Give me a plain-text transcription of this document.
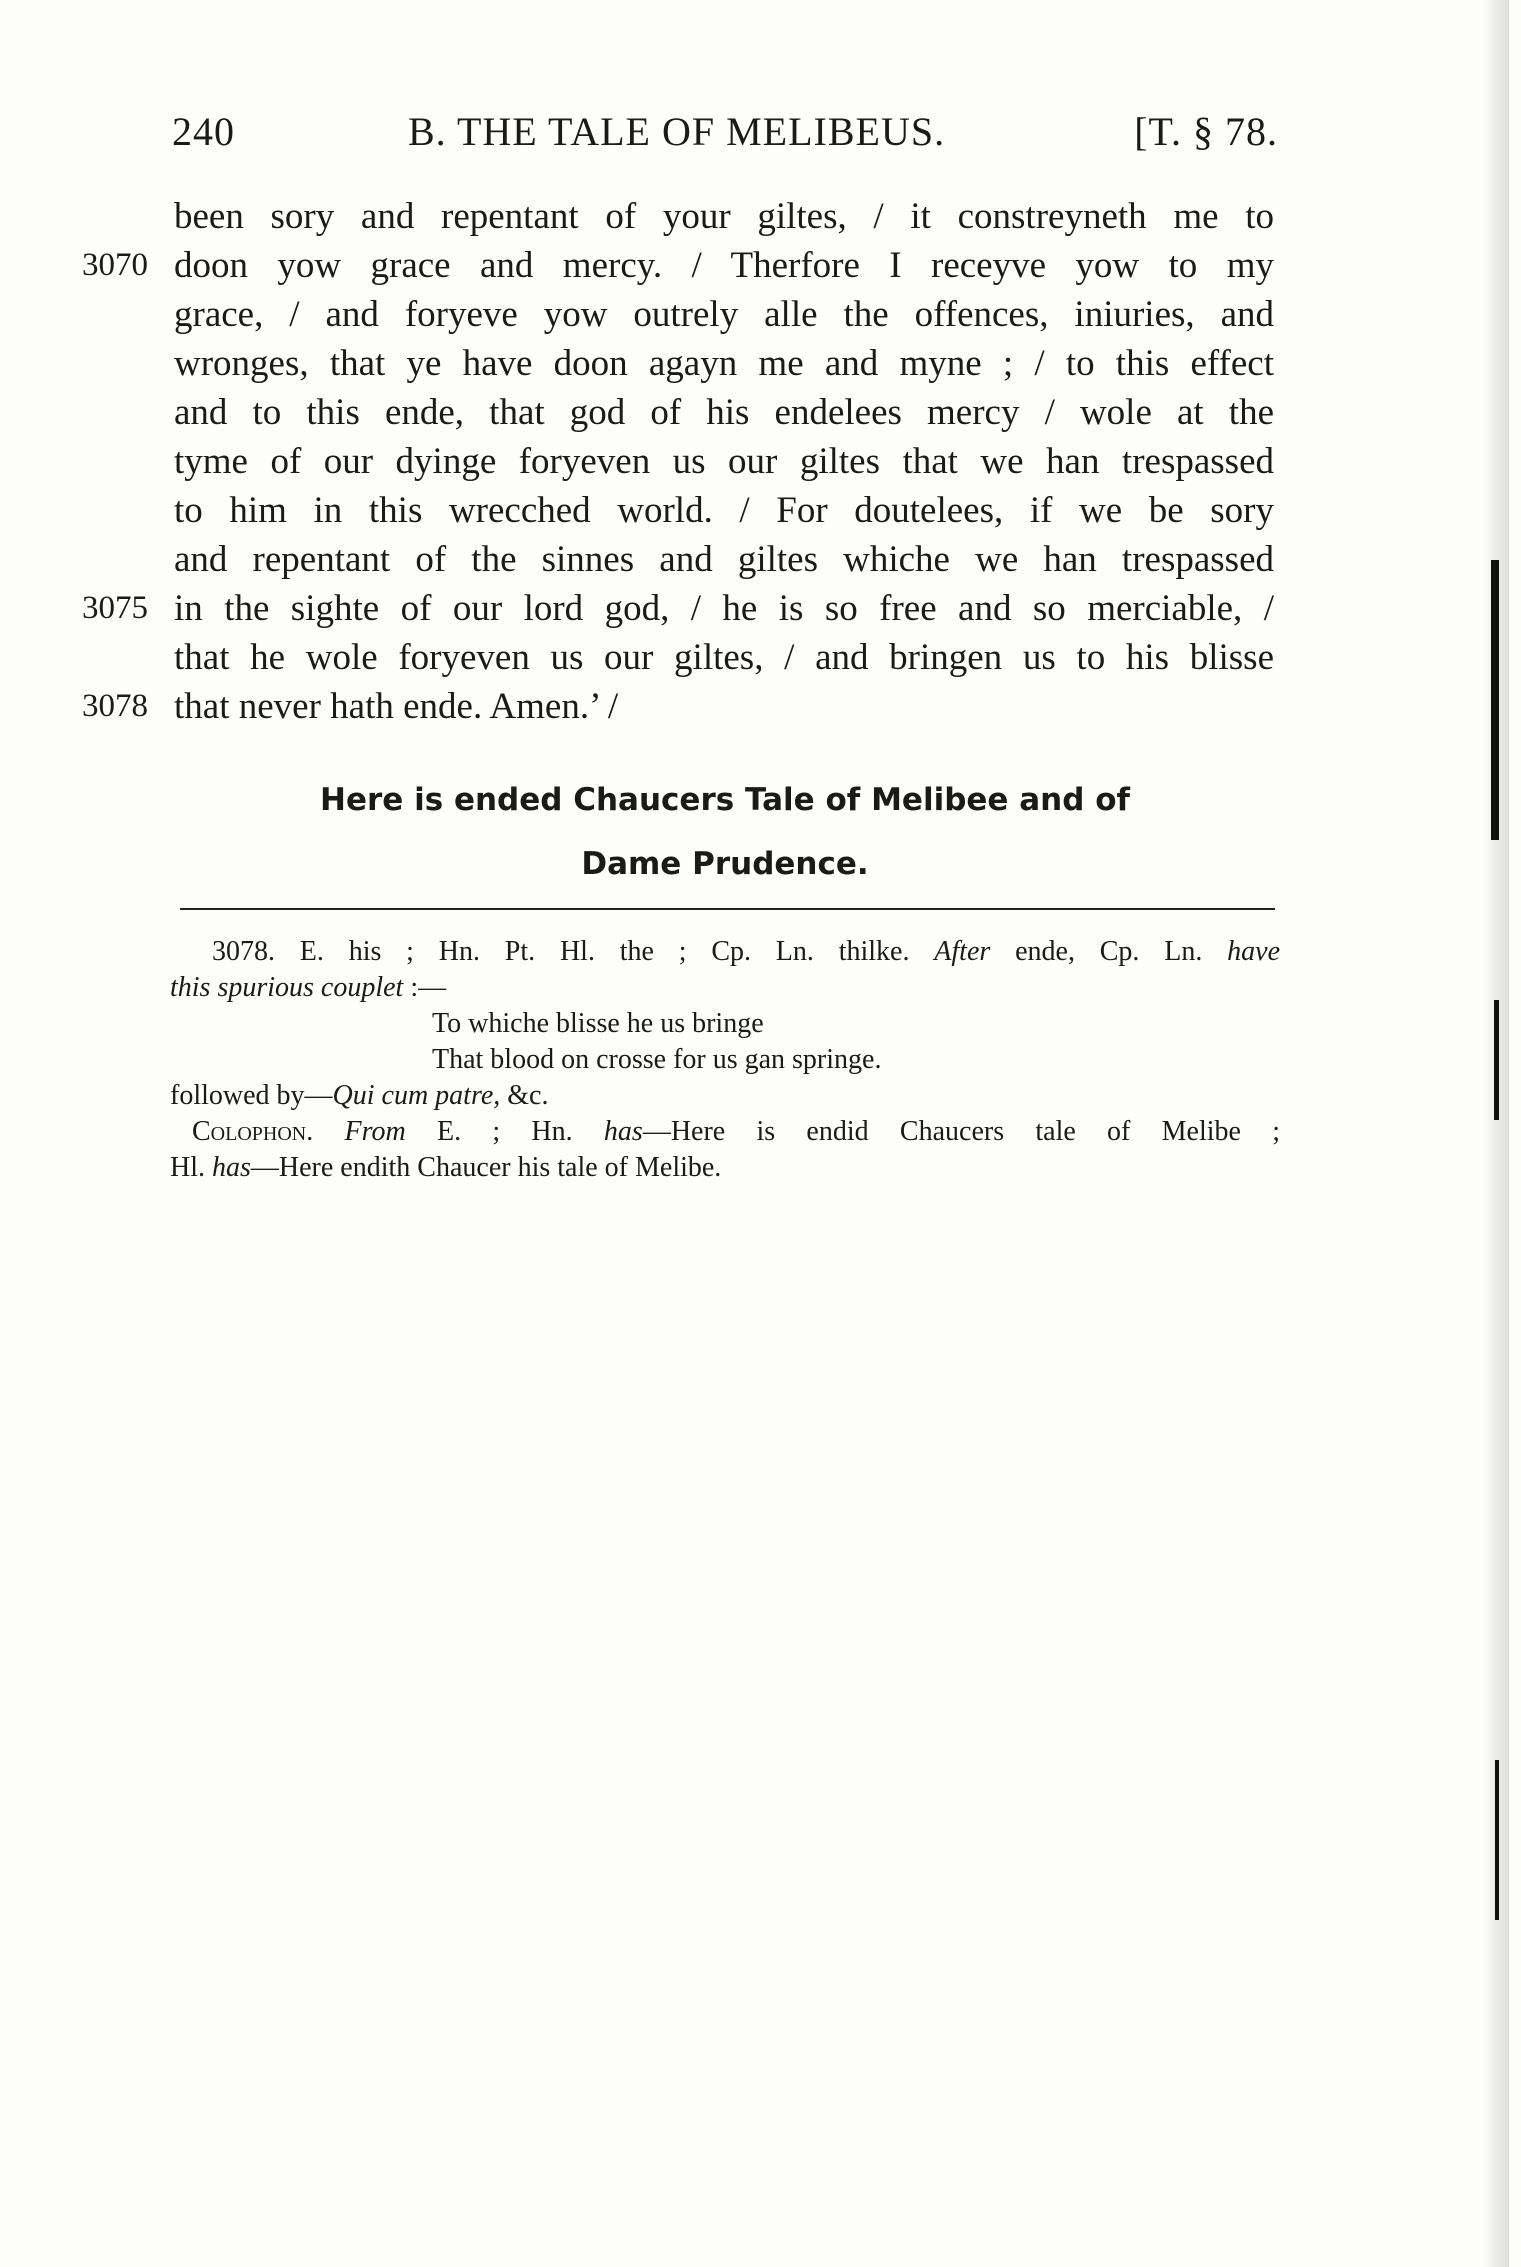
240	B. THE TALE OF MELIBEUS.	[T. § 78.
been sory and repentant of your giltes, / it constreyneth me to
3070 doon yow grace and mercy. / Therfore I receyve yow to my
grace, / and foryeve yow outrely alle the offences, iniuries, and
wronges, that ye have doon agayn me and myne ; / to this effect
and to this ende, that god of his endelees mercy / wole at the
tyme of our dyinge foryeven us our giltes that we han trespassed
to him in this wrecched world. / For doutelees, if we be sory
and repentant of the sinnes and giltes whiche we han trespassed
3075 in the sighte of our lord god, / he is so free and so merciable, /
that he wole foryeven us our giltes, / and bringen us to his blisse
3078 that never hath ende. Amen.’ /
Here is ended Chaucers Tale of Melibee and of
Dame Prudence.
3078. E. his ; Hn. Pt. Hl. the ; Cp. Ln. thilke. After ende, Cp. Ln. have
this spurious couplet :—
To whiche blisse he us bringe
That blood on crosse for us gan springe.
followed by—Qui cum patre, &c.
Colophon. From E. ; Hn. has—Here is endid Chaucers tale of Melibe ;
Hl. has—Here endith Chaucer his tale of Melibe.
